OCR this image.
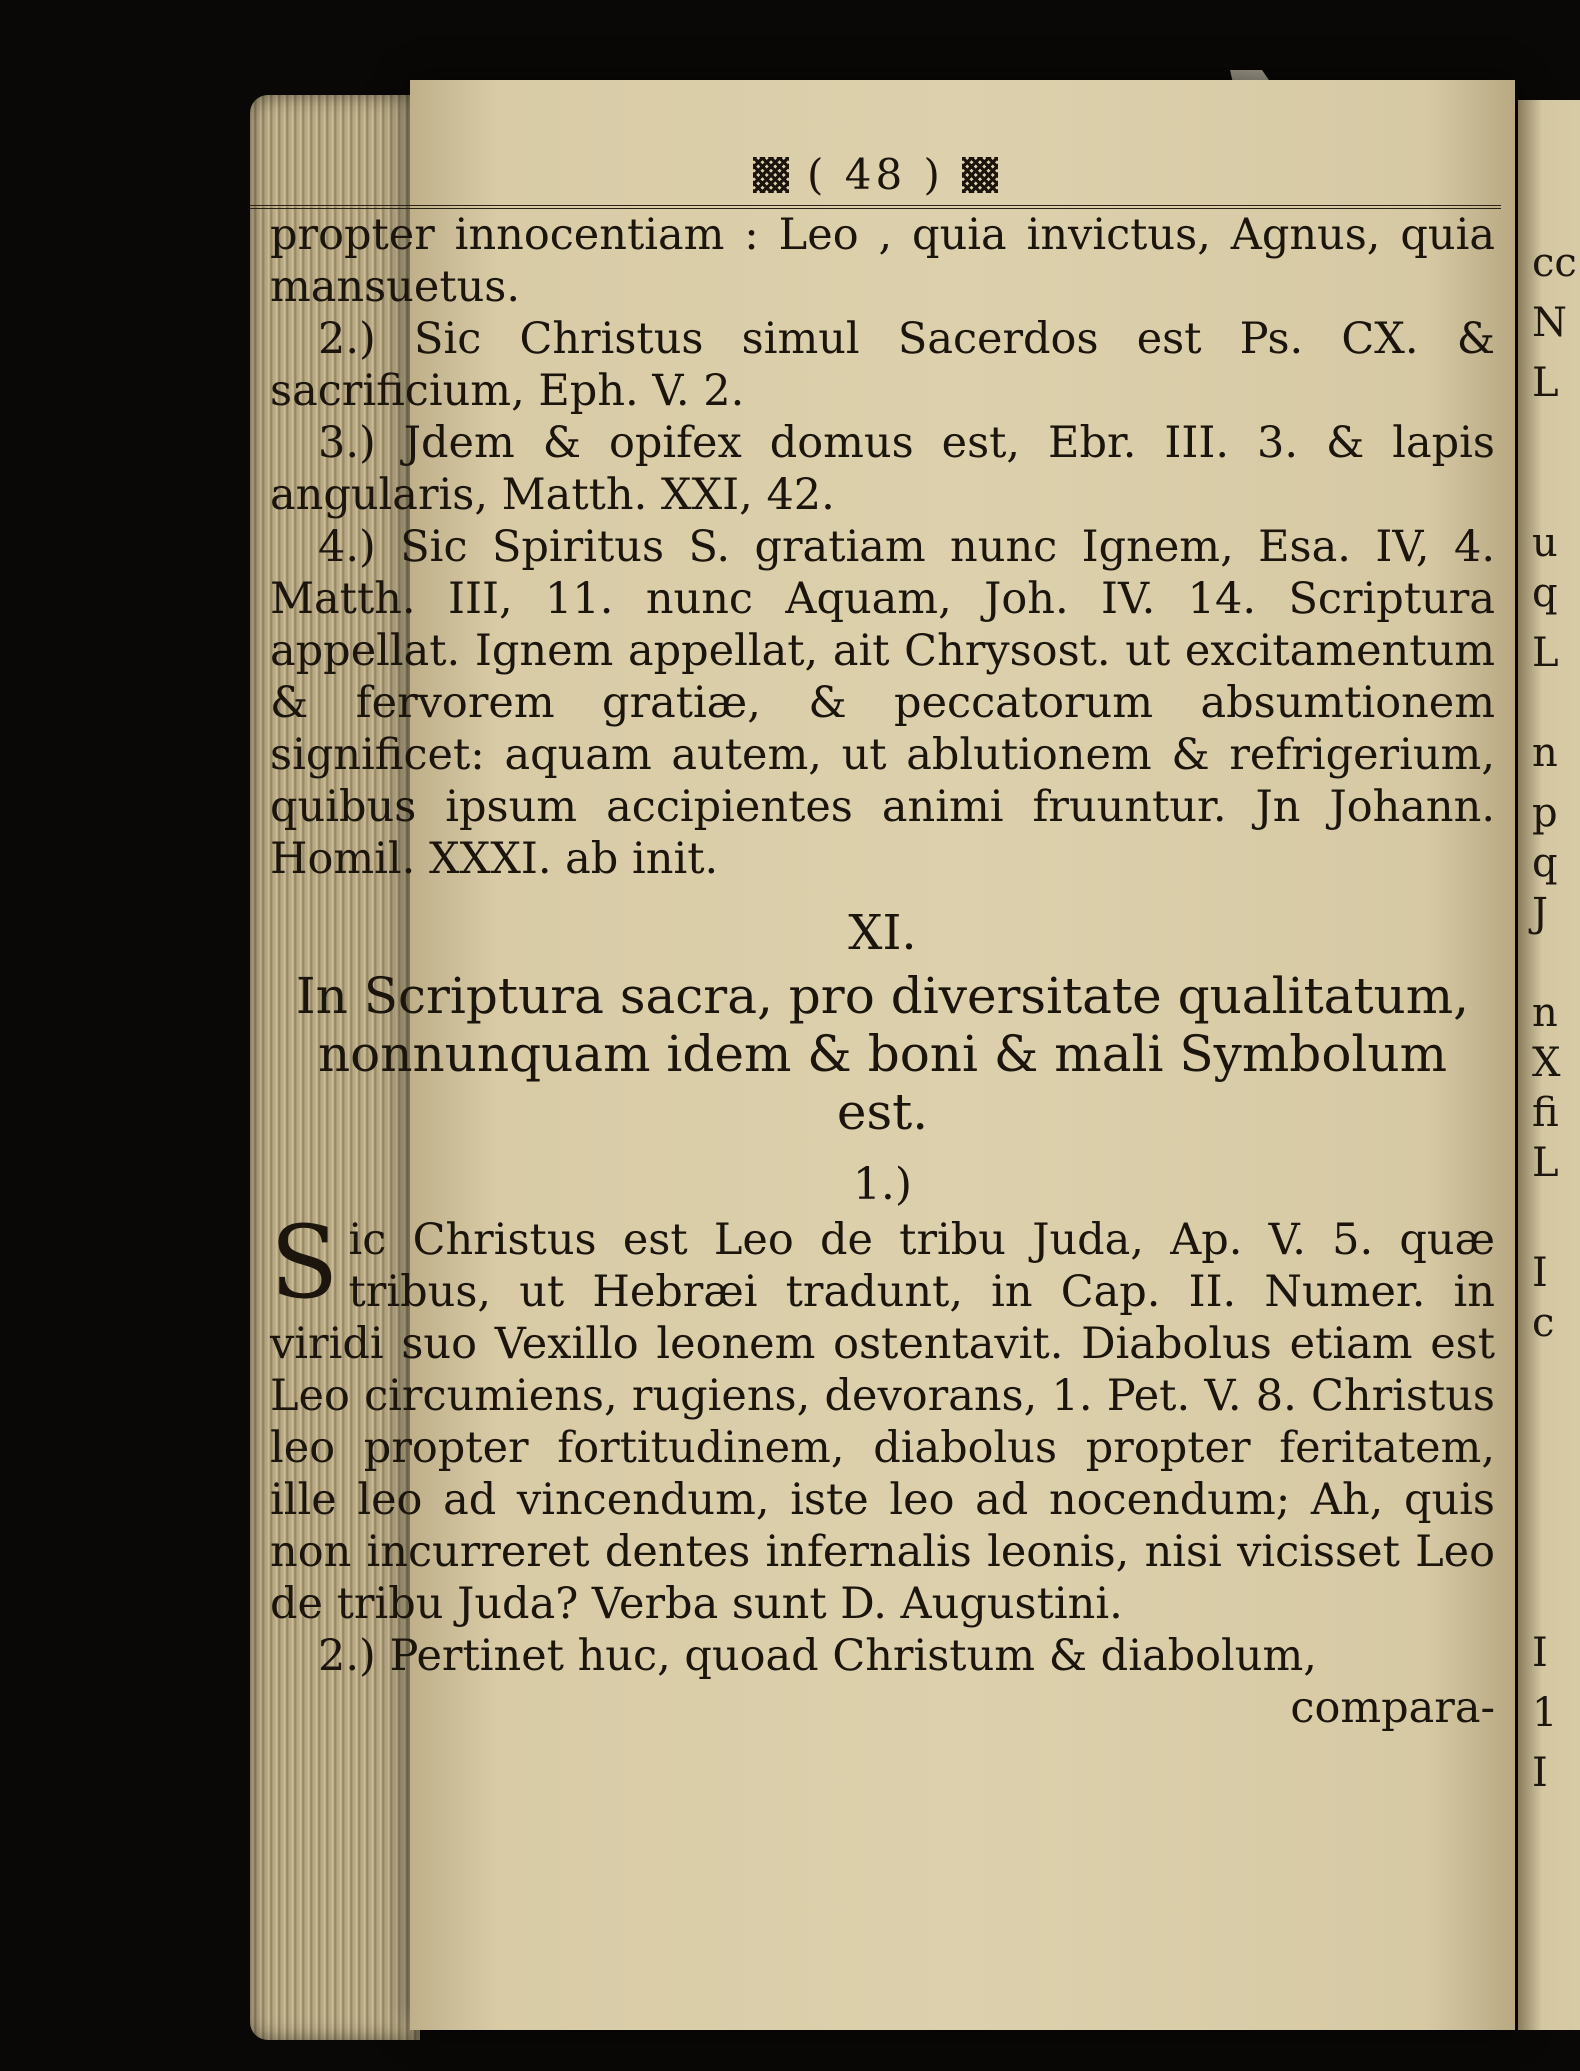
cc
N
L
u
q
L
n
p
q
J
n
X
fi
L
I
c
I
1
I
( 48 )

propter innocentiam : Leo , quia invictus, Agnus, quia mansuetus.

2.) Sic Christus simul Sacerdos est Ps. CX. & sacrificium, Eph. V. 2.

3.) Jdem & opifex domus est, Ebr. III. 3. & lapis angularis, Matth. XXI, 42.

4.) Sic Spiritus S. gratiam nunc Ignem, Esa. IV, 4. Matth. III, 11. nunc Aquam, Joh. IV. 14. Scriptura appellat. Ignem appellat, ait Chrysost. ut excitamentum & fervorem gratiæ, & peccatorum absumtionem significet: aquam autem, ut ablutionem & refrigerium, quibus ipsum accipientes animi fruuntur. Jn Johann. Homil. XXXI. ab init.

XI.
In Scriptura sacra, pro diversitate qualitatum, nonnunquam idem & boni & mali Symbolum est.
1.)

Sic Christus est Leo de tribu Juda, Ap. V. 5. quæ tribus, ut Hebræi tradunt, in Cap. II. Numer. in viridi suo Vexillo leonem ostentavit. Diabolus etiam est Leo circumiens, rugiens, devorans, 1. Pet. V. 8. Christus leo propter fortitudinem, diabolus propter feritatem, ille leo ad vincendum, iste leo ad nocendum; Ah, quis non incurreret dentes infernalis leonis, nisi vicisset Leo de tribu Juda? Verba sunt D. Augustini.

2.) Pertinet huc, quoad Christum & diabolum,

compara-
